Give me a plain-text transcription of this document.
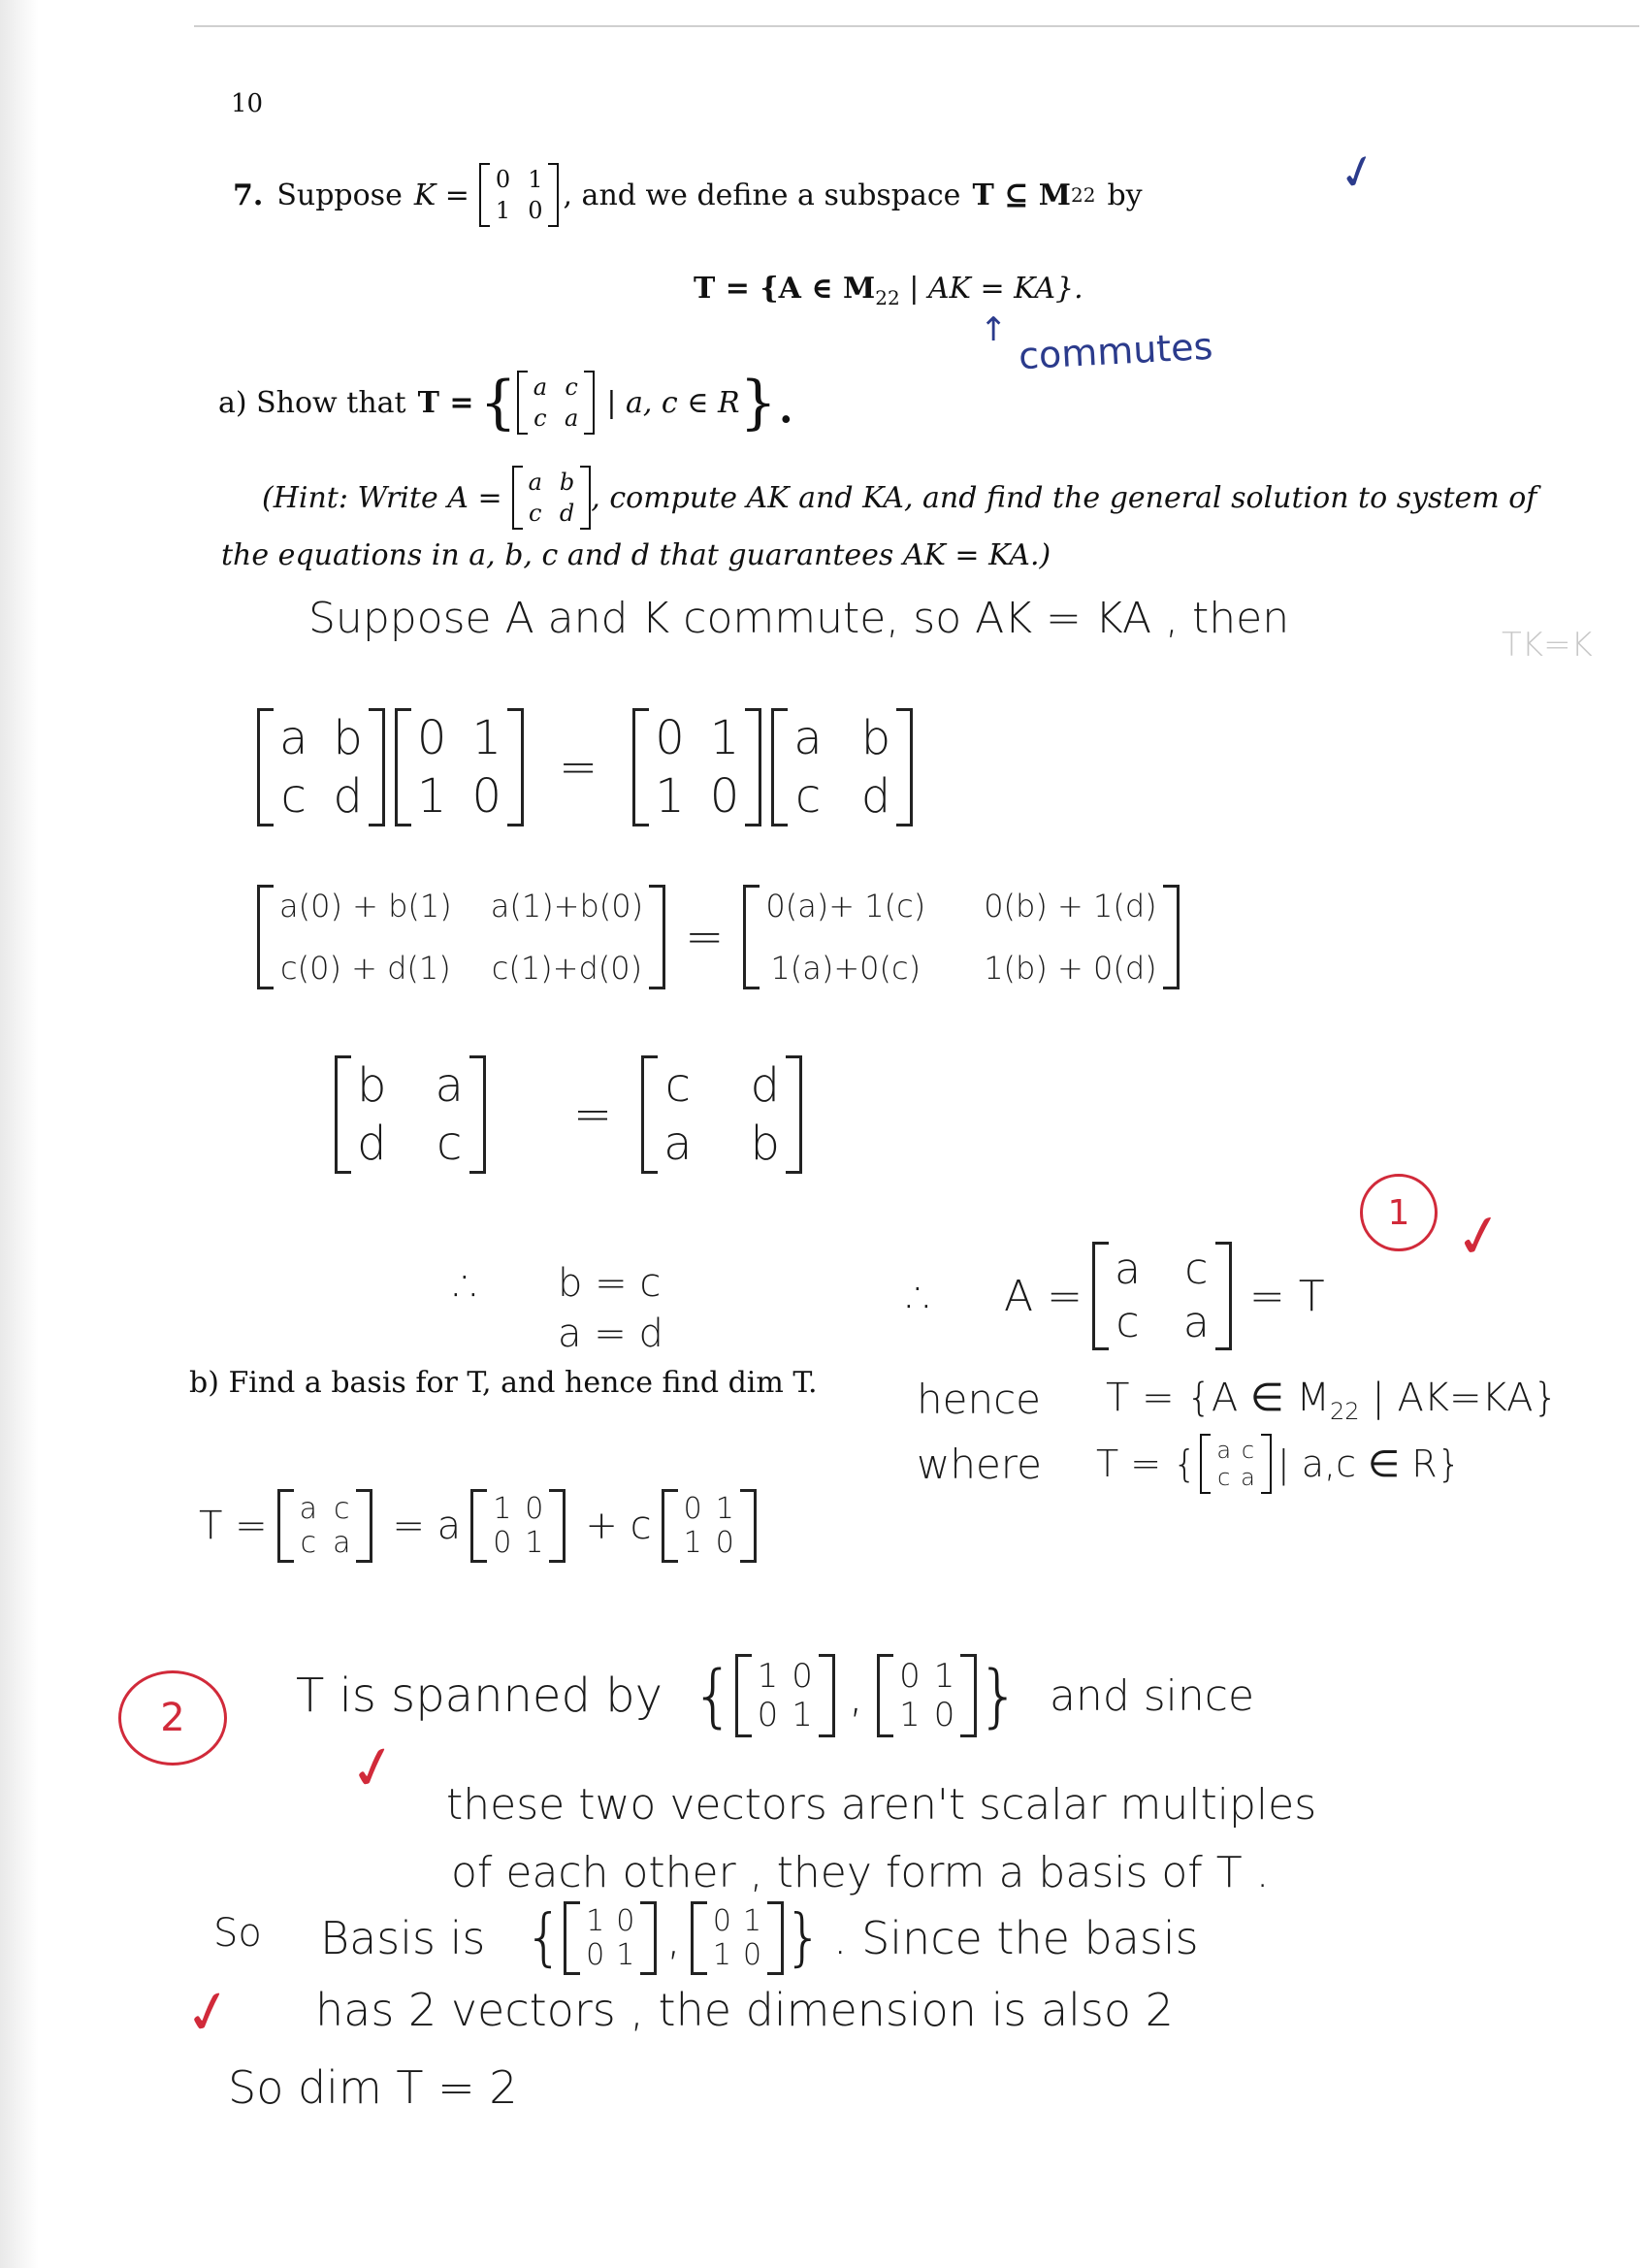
10
7. Suppose K = 0 1
1 0 , and we define a subspace T ⊆ M 22 by	✓
T = {A ∈ $M_{22}$ | AK = KA}.
↑ commutes
a) Show that T = { a c
c a | a, c ∈ R }.
(Hint: Write A = a b
c d , compute AK and KA, and find the general solution to system of
the equations in a, b, c and d that guarantees AK = KA.)
Suppose A and K commute, so AK = KA , then
TK=K
a b
c d
0 1
1 0
=
0 1
1 0
a b
c d
a(0) + b(1) a(1)+b(0)
c(0) + d(1) c(1)+d(0)
=
0(a)+ 1(c) 0(b) + 1(d)
1(a)+0(c) 1(b) + 0(d)
b a
d c
=
c d
a b
1 ✓
∴ b = c
a = d
∴ A =
a c
c a
= T
b) Find a basis for T, and hence find dim T. hence T = {A ∈ $M_{22}$ | AK=KA}
where T = { a c
c a | a,c ∈ R}
T = a c
c a = a 1 0
0 1 + c 0 1
1 0
2 T is spanned by { 1 0
0 1 , 0 1
1 0 } and since
✓ these two vectors aren't scalar multiples
of each other , they form a basis of T .
So Basis is { 1 0
0 1 , 0 1
1 0 } . Since the basis
✓ has 2 vectors , the dimension is also 2
So dim T = 2
